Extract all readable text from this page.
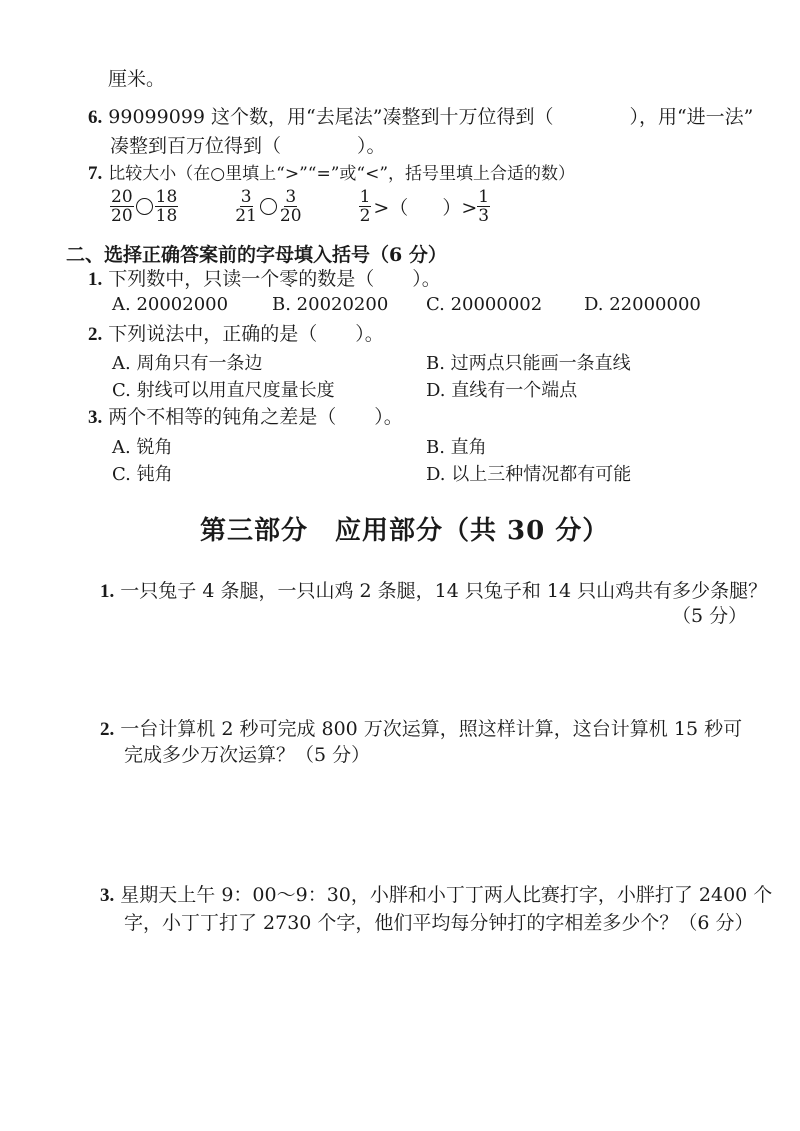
厘米。
6. 99099099 这个数，用“去尾法”凑整到十万位得到（　　　　），用“进一法”
凑整到百万位得到（　　　　）。
7. 比较大小（在○里填上“>”“=”或“<”，括号里填上合适的数）
$\frac{20}{20} \frac{18}{18}$	$\frac{3}{21} \frac{3}{20}$	$\frac{1}{2}$ >（ ）> $\frac{1}{3}$
二、选择正确答案前的字母填入括号（6 分）
1. 下列数中，只读一个零的数是（　　）。
A. 20002000 B. 20020200 C. 20000002 D. 22000000
2. 下列说法中，正确的是（　　）。
A. 周角只有一条边	B. 过两点只能画一条直线
C. 射线可以用直尺度量长度	D. 直线有一个端点
3. 两个不相等的钝角之差是（　　）。
A. 锐角	B. 直角
C. 钝角	D. 以上三种情况都有可能
第三部分　应用部分（共 30 分）
1. 一只兔子 4 条腿，一只山鸡 2 条腿，14 只兔子和 14 只山鸡共有多少条腿？
（5 分）
2. 一台计算机 2 秒可完成 800 万次运算，照这样计算，这台计算机 15 秒可
完成多少万次运算？（5 分）
3. 星期天上午 9：00～9：30，小胖和小丁丁两人比赛打字，小胖打了 2400 个
字，小丁丁打了 2730 个字，他们平均每分钟打的字相差多少个？（6 分）
